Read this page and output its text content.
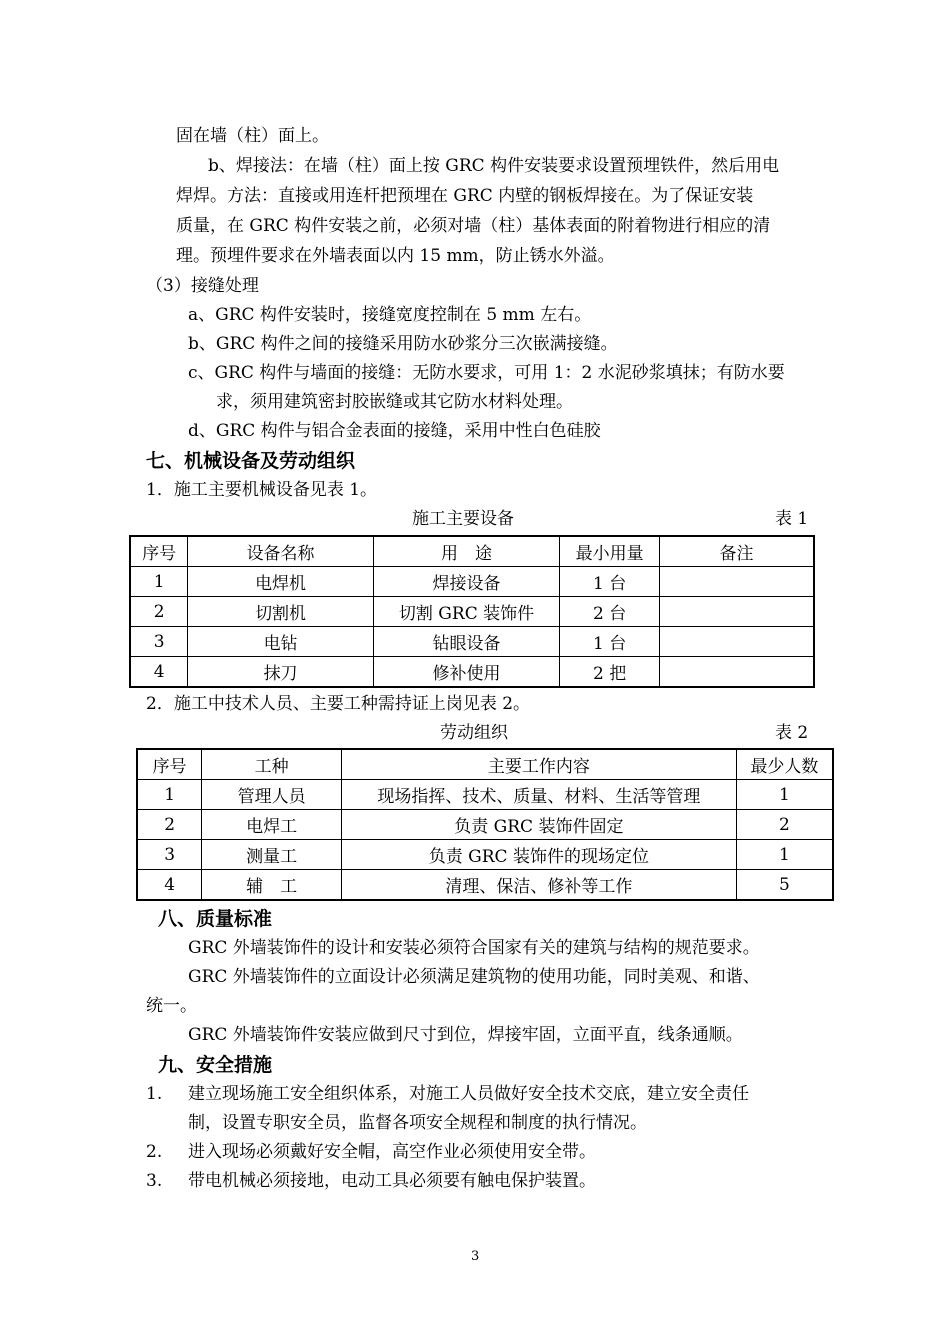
固在墙（柱）面上。
b、焊接法：在墙（柱）面上按 GRC 构件安装要求设置预埋铁件，然后用电
焊焊。方法：直接或用连杆把预埋在 GRC 内壁的钢板焊接在。为了保证安装
质量，在 GRC 构件安装之前，必须对墙（柱）基体表面的附着物进行相应的清
理。预埋件要求在外墙表面以内 15 mm，防止锈水外溢。
（3）接缝处理
a、GRC 构件安装时，接缝宽度控制在 5 mm 左右。
b、GRC 构件之间的接缝采用防水砂浆分三次嵌满接缝。
c、GRC 构件与墙面的接缝：无防水要求，可用 1：2 水泥砂浆填抹；有防水要
求，须用建筑密封胶嵌缝或其它防水材料处理。
d、GRC 构件与铝合金表面的接缝，采用中性白色硅胶
七、机械设备及劳动组织
1．施工主要机械设备见表 1。
施工主要设备	表 1
序号	设备名称	用　途	最小用量	备注
1	电焊机	焊接设备	1 台	
2	切割机	切割 GRC 装饰件	2 台	
3	电钻	钻眼设备	1 台	
4	抹刀	修补使用	2 把	
2．施工中技术人员、主要工种需持证上岗见表 2。
劳动组织	表 2
序号	工种	主要工作内容	最少人数
1	管理人员	现场指挥、技术、质量、材料、生活等管理	1
2	电焊工	负责 GRC 装饰件固定	2
3	测量工	负责 GRC 装饰件的现场定位	1
4	辅　工	清理、保洁、修补等工作	5
八、质量标准
GRC 外墙装饰件的设计和安装必须符合国家有关的建筑与结构的规范要求。
GRC 外墙装饰件的立面设计必须满足建筑物的使用功能，同时美观、和谐、
统一。
GRC 外墙装饰件安装应做到尺寸到位，焊接牢固，立面平直，线条通顺。
九、安全措施
1. 建立现场施工安全组织体系，对施工人员做好安全技术交底，建立安全责任
制，设置专职安全员，监督各项安全规程和制度的执行情况。
2. 进入现场必须戴好安全帽，高空作业必须使用安全带。
3. 带电机械必须接地，电动工具必须要有触电保护装置。
3
